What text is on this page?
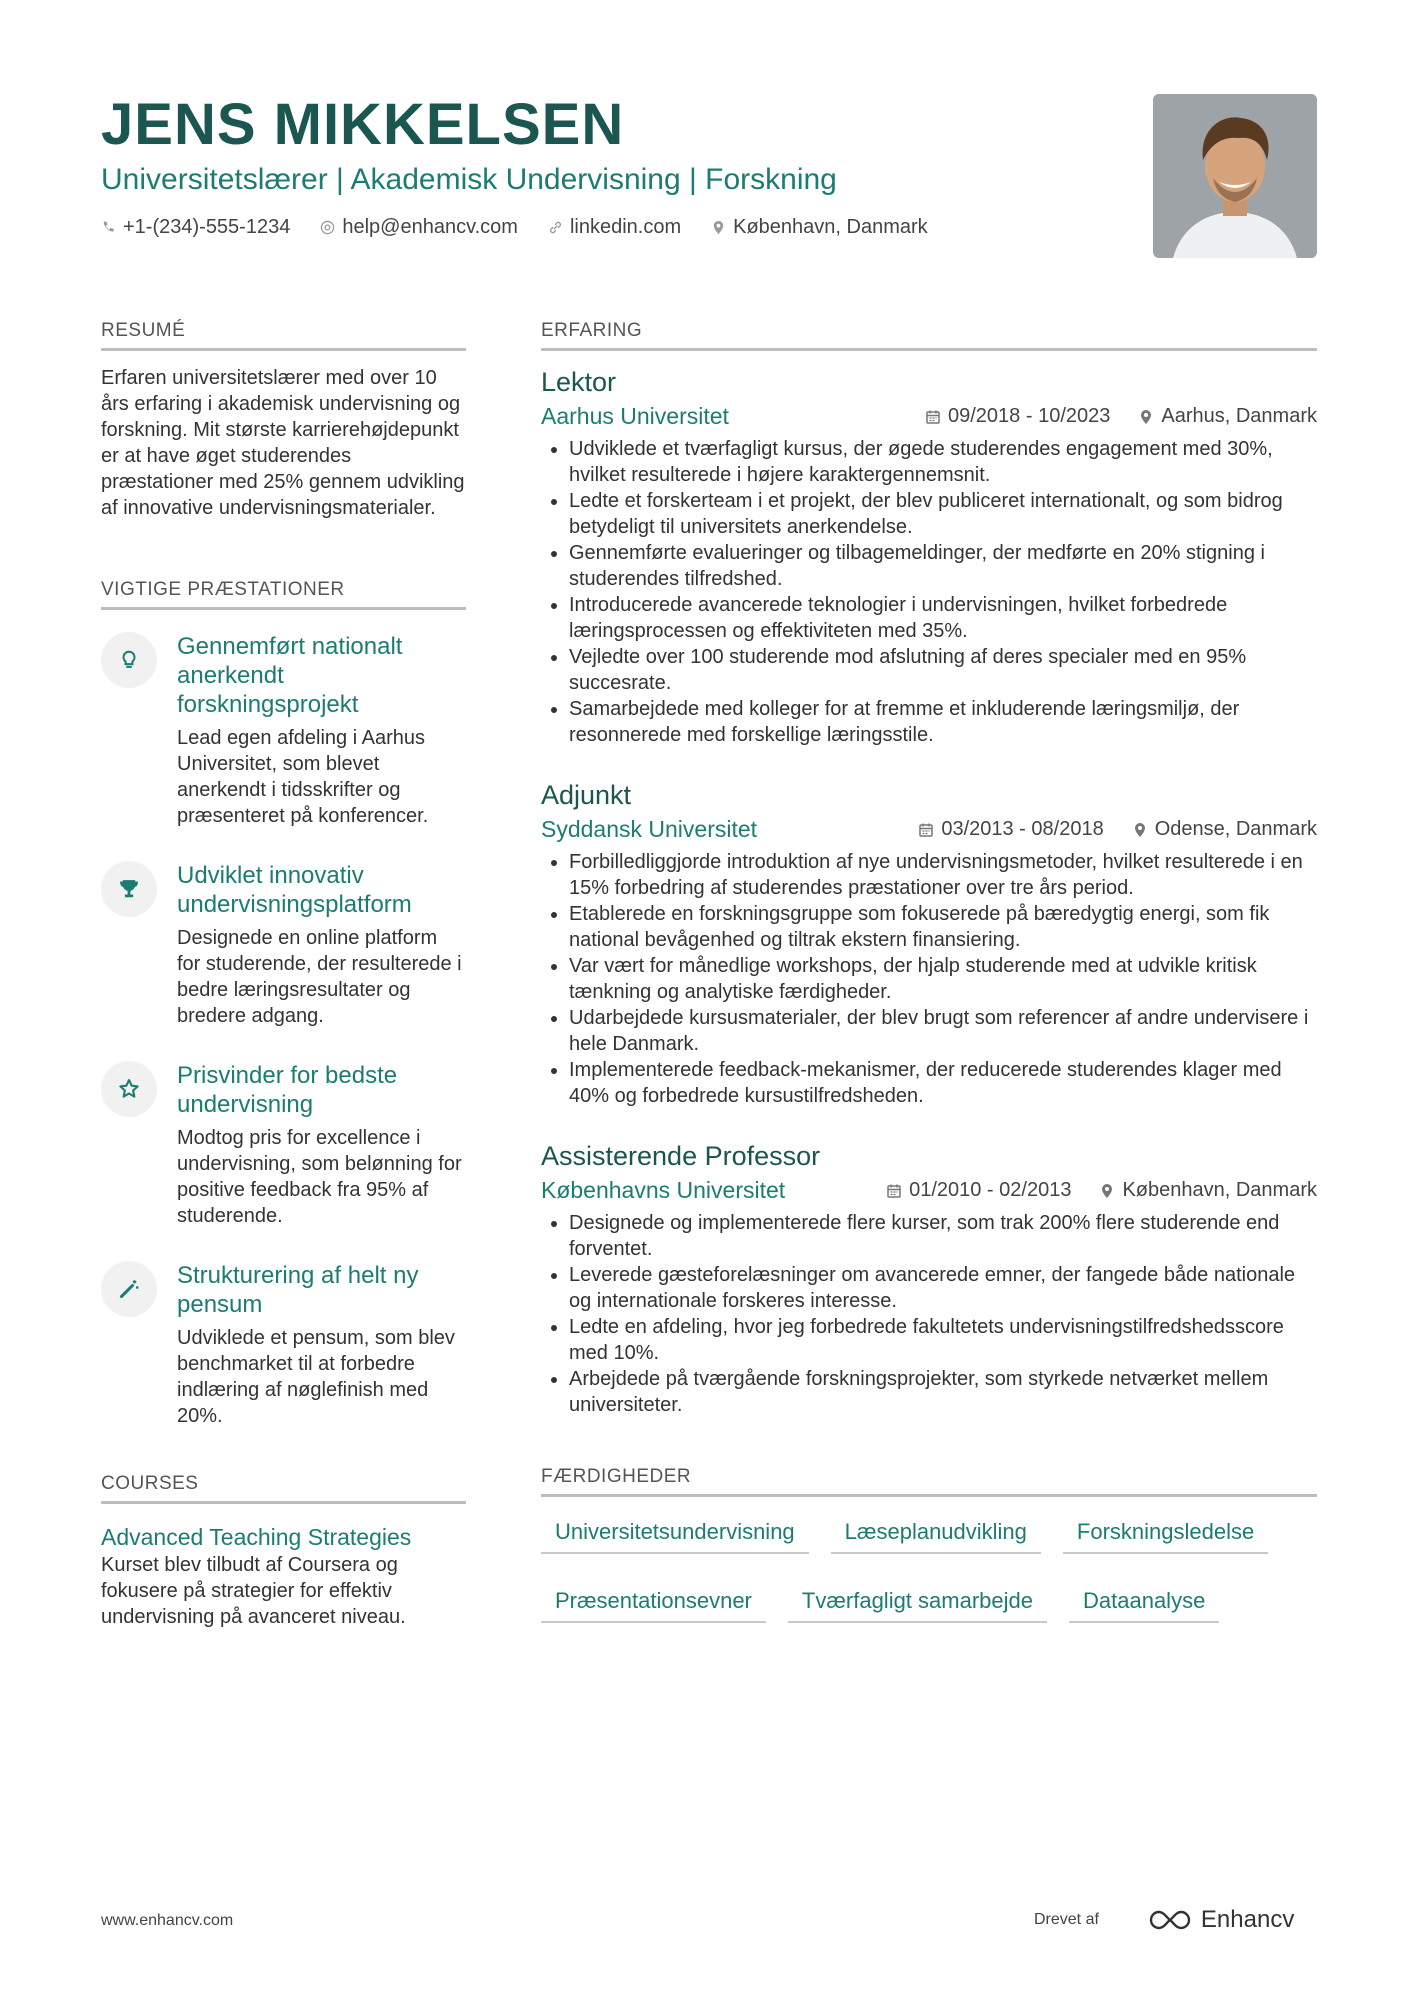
JENS MIKKELSEN
Universitetslærer | Akademisk Undervisning | Forskning
+1-(234)-555-1234	help@enhancv.com	linkedin.com	København, Danmark
RESUMÉ
Erfaren universitetslærer med over 10 års erfaring i akademisk undervisning og forskning. Mit største karrierehøjdepunkt er at have øget studerendes præstationer med 25% gennem udvikling af innovative undervisningsmaterialer.
VIGTIGE PRÆSTATIONER
Gennemført nationalt anerkendt forskningsprojekt
Lead egen afdeling i Aarhus Universitet, som blevet anerkendt i tidsskrifter og præsenteret på konferencer.
Udviklet innovativ undervisningsplatform
Designede en online platform for studerende, der resulterede i bedre læringsresultater og bredere adgang.
Prisvinder for bedste undervisning
Modtog pris for excellence i undervisning, som belønning for positive feedback fra 95% af studerende.
Strukturering af helt ny pensum
Udviklede et pensum, som blev benchmarket til at forbedre indlæring af nøglefinish med 20%.
COURSES
Advanced Teaching Strategies
Kurset blev tilbudt af Coursera og fokusere på strategier for effektiv undervisning på avanceret niveau.
ERFARING
Lektor
Aarhus Universitet	09/2018 - 10/2023	Aarhus, Danmark
• Udviklede et tværfagligt kursus, der øgede studerendes engagement med 30%, hvilket resulterede i højere karaktergennemsnit.
• Ledte et forskerteam i et projekt, der blev publiceret internationalt, og som bidrog betydeligt til universitets anerkendelse.
• Gennemførte evalueringer og tilbagemeldinger, der medførte en 20% stigning i studerendes tilfredshed.
• Introducerede avancerede teknologier i undervisningen, hvilket forbedrede læringsprocessen og effektiviteten med 35%.
• Vejledte over 100 studerende mod afslutning af deres specialer med en 95% succesrate.
• Samarbejdede med kolleger for at fremme et inkluderende læringsmiljø, der resonnerede med forskellige læringsstile.
Adjunkt
Syddansk Universitet	03/2013 - 08/2018	Odense, Danmark
• Forbilledliggjorde introduktion af nye undervisningsmetoder, hvilket resulterede i en 15% forbedring af studerendes præstationer over tre års period.
• Etablerede en forskningsgruppe som fokuserede på bæredygtig energi, som fik national bevågenhed og tiltrak ekstern finansiering.
• Var vært for månedlige workshops, der hjalp studerende med at udvikle kritisk tænkning og analytiske færdigheder.
• Udarbejdede kursusmaterialer, der blev brugt som referencer af andre undervisere i hele Danmark.
• Implementerede feedback-mekanismer, der reducerede studerendes klager med 40% og forbedrede kursustilfredsheden.
Assisterende Professor
Københavns Universitet	01/2010 - 02/2013	København, Danmark
• Designede og implementerede flere kurser, som trak 200% flere studerende end forventet.
• Leverede gæsteforelæsninger om avancerede emner, der fangede både nationale og internationale forskeres interesse.
• Ledte en afdeling, hvor jeg forbedrede fakultetets undervisningstilfredshedsscore med 10%.
• Arbejdede på tværgående forskningsprojekter, som styrkede netværket mellem universiteter.
FÆRDIGHEDER
Universitetsundervisning	Læseplanudvikling	Forskningsledelse
Præsentationsevner	Tværfagligt samarbejde	Dataanalyse
www.enhancv.com	Drevet af	Enhancv
